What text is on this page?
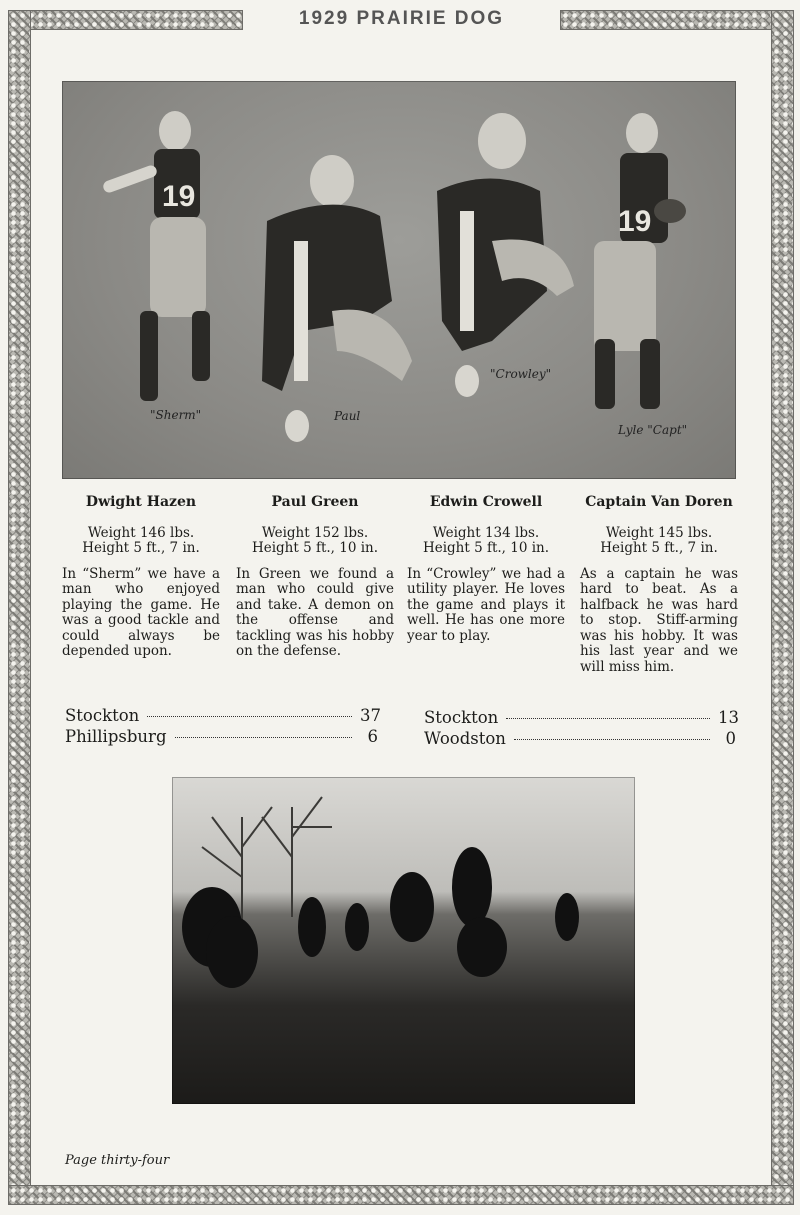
1929 PRAIRIE DOG
19
19
"Sherm"	Paul
"Crowley"
Lyle "Capt"
Dwight Hazen
Weight 146 lbs.
Height 5 ft., 7 in.
In “Sherm” we have a man who enjoyed playing the game. He was a good tackle and could always be depended upon.
Paul Green
Weight 152 lbs.
Height 5 ft., 10 in.
In Green we found a man who could give and take. A demon on the offense and tackling was his hobby on the defense.
Edwin Crowell
Weight 134 lbs.
Height 5 ft., 10 in.
In “Crowley” we had a utility player. He loves the game and plays it well. He has one more year to play.
Captain Van Doren
Weight 145 lbs.
Height 5 ft., 7 in.
As a captain he was hard to beat. As a halfback he was hard to stop. Stiff-arming was his hobby. It was his last year and we will miss him.
Stockton	37
Phillipsburg	6
Stockton	13
Woodston	0
Page thirty-four
